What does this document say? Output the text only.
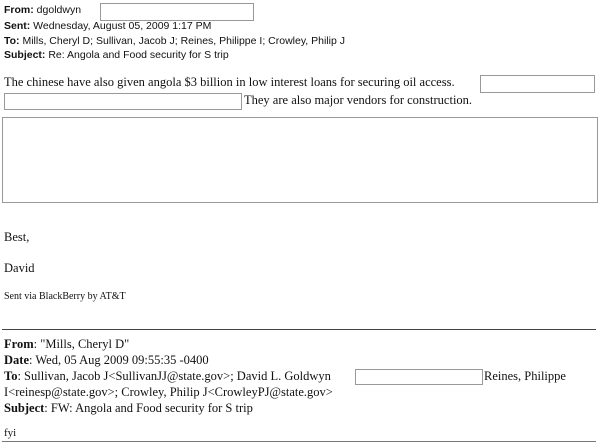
From: dgoldwyn
Sent: Wednesday, August 05, 2009 1:17 PM
To: Mills, Cheryl D; Sullivan, Jacob J; Reines, Philippe I; Crowley, Philip J
Subject: Re: Angola and Food security for S trip
The chinese have also given angola $3 billion in low interest loans for securing oil access.
They are also major vendors for construction.
Best,
David
Sent via BlackBerry by AT&T
From: "Mills, Cheryl D"
Date: Wed, 05 Aug 2009 09:55:35 -0400
To: Sullivan, Jacob J<SullivanJJ@state.gov>; David L. Goldwyn	Reines, Philippe
I<reinesp@state.gov>; Crowley, Philip J<CrowleyPJ@state.gov>
Subject: FW: Angola and Food security for S trip
fyi
